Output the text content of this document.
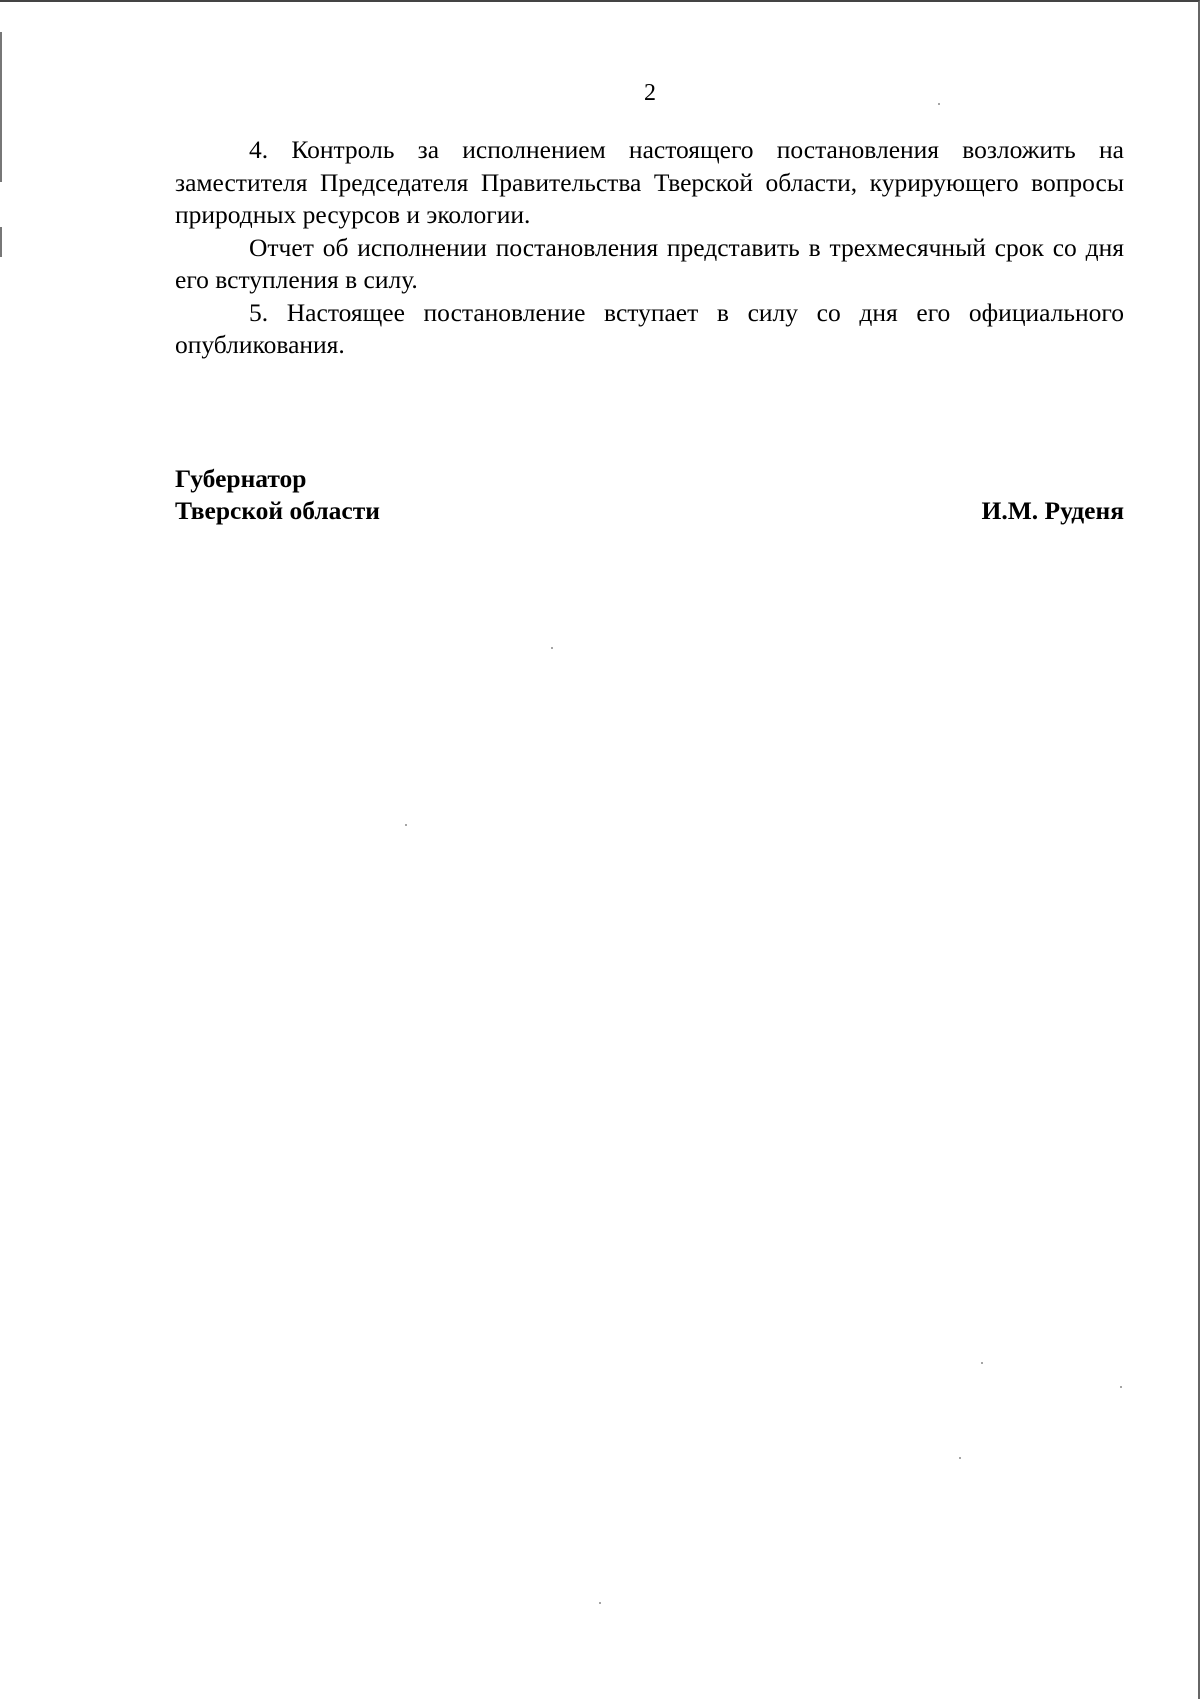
2

4. Контроль за исполнением настоящего постановления возложить на заместителя Председателя Правительства Тверской области, курирующего вопросы природных ресурсов и экологии.

Отчет об исполнении постановления представить в трехмесячный срок со дня его вступления в силу.

5. Настоящее постановление вступает в силу со дня его официального опубликования.

Губернатор
Тверской области	И.М. Руденя
